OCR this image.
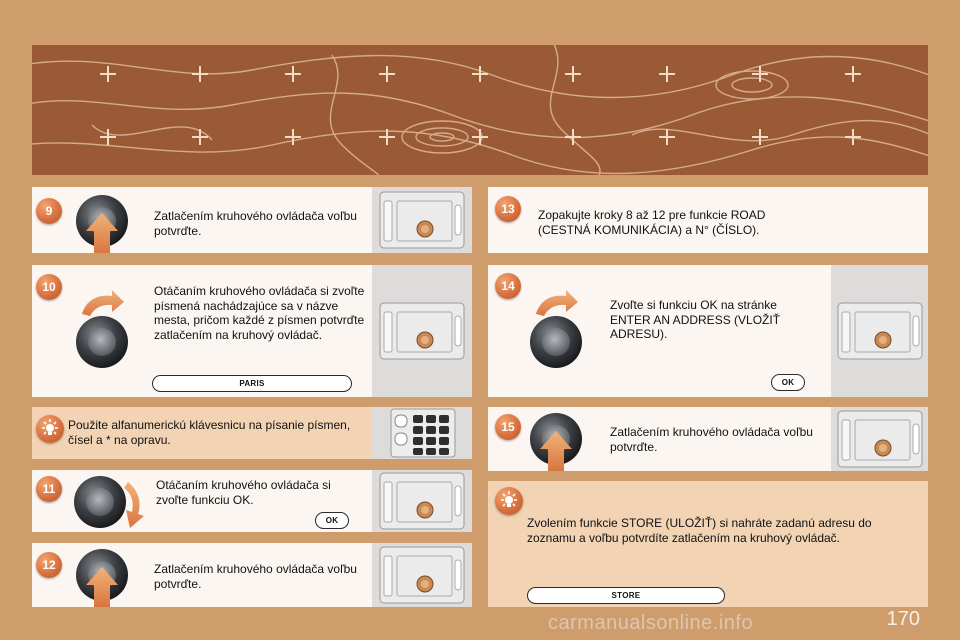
9	Zatlačením kruhového ovládača voľbu potvrďte.
10	Otáčaním kruhového ovládača si zvoľte písmená nachádzajúce sa v názve mesta, pričom každé z písmen potvrďte zatlačením na kruhový ovládač.
PARIS
Použite alfanumerickú klávesnicu na písanie písmen, čísel a * na opravu.
11	Otáčaním kruhového ovládača si zvoľte funkciu OK.
OK
12	Zatlačením kruhového ovládača voľbu potvrďte.
13	Zopakujte kroky 8 až 12 pre funkcie ROAD (CESTNÁ KOMUNIKÁCIA) a N° (ČÍSLO).
14
Zvoľte si funkciu OK na stránke ENTER AN ADDRESS (VLOŽIŤ ADRESU).
OK
15	Zatlačením kruhového ovládača voľbu potvrďte.
Zvolením funkcie STORE (ULOŽIŤ) si nahráte zadanú adresu do zoznamu a voľbu potvrdíte zatlačením na kruhový ovládač.
STORE
carmanualsonline.info	170
